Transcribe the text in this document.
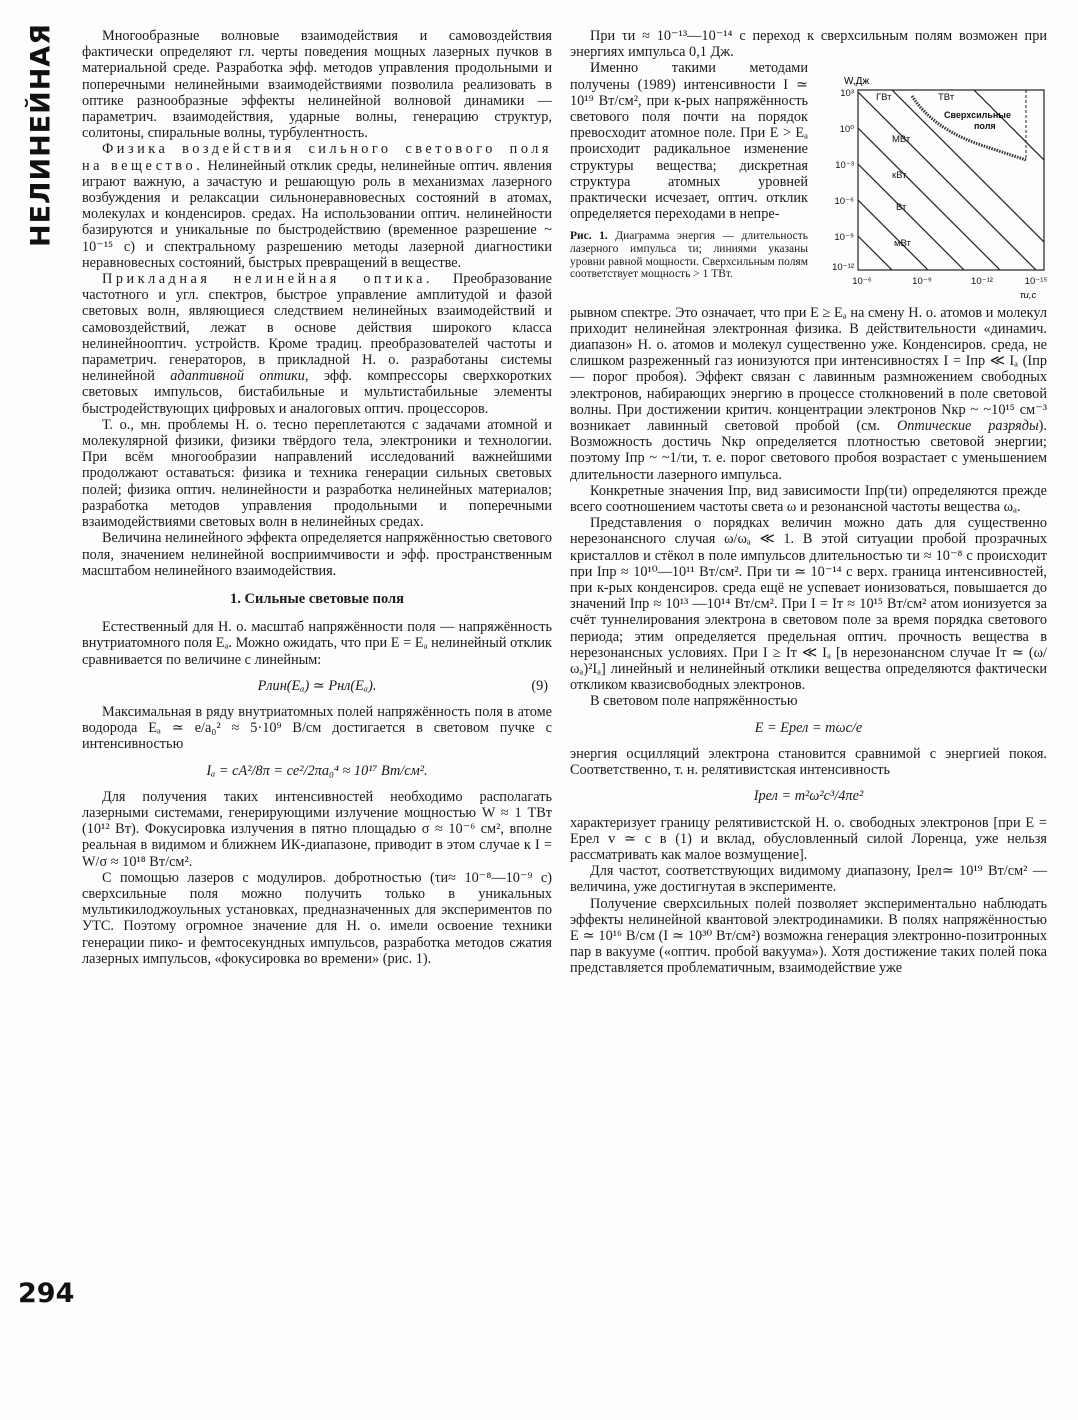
НЕЛИНЕЙНАЯ
294

Многообразные волновые взаимодействия и самовоздействия фактически определяют гл. черты поведения мощных лазерных пучков в материальной среде. Разработка эфф. методов управления продольными и поперечными нелинейными взаимодействиями позволила реализовать в оптике разнообразные эффекты нелинейной волновой динамики — параметрич. взаимодействия, ударные волны, генерацию структур, солитоны, спиральные волны, турбулентность.

Физика воздействия сильного светового поля на вещество. Нелинейный отклик среды, нелинейные оптич. явления играют важную, а зачастую и решающую роль в механизмах лазерного возбуждения и релаксации сильнонеравновесных состояний в атомах, молекулах и конденсиров. средах. На использовании оптич. нелинейности базируются и уникальные по быстродействию (временное разрешение ~ 10⁻¹⁵ с) и спектральному разрешению методы лазерной диагностики неравновесных состояний, быстрых превращений в веществе.

Прикладная нелинейная оптика. Преобразование частотного и угл. спектров, быстрое управление амплитудой и фазой световых волн, являющиеся следствием нелинейных взаимодействий и самовоздействий, лежат в основе действия широкого класса нелинейнооптич. устройств. Кроме традиц. преобразователей частоты и параметрич. генераторов, в прикладной Н. о. разработаны системы нелинейной адаптивной оптики, эфф. компрессоры сверхкоротких световых импульсов, бистабильные и мультистабильные элементы быстродействующих цифровых и аналоговых оптич. процессоров.

Т. о., мн. проблемы Н. о. тесно переплетаются с задачами атомной и молекулярной физики, физики твёрдого тела, электроники и технологии. При всём многообразии направлений исследований важнейшими продолжают оставаться: физика и техника генерации сильных световых полей; физика оптич. нелинейности и разработка нелинейных материалов; разработка методов управления продольными и поперечными взаимодействиями световых волн в нелинейных средах.

Величина нелинейного эффекта определяется напряжённостью светового поля, значением нелинейной восприимчивости и эфф. пространственным масштабом нелинейного взаимодействия.

1. Сильные световые поля

Естественный для Н. о. масштаб напряжённости поля — напряжённость внутриатомного поля Eₐ. Можно ожидать, что при E = Eₐ нелинейный отклик сравнивается по величине с линейным:

Pлин(Eₐ) ≃ Pнл(Eₐ).	(9)

Максимальная в ряду внутриатомных полей напряжённость поля в атоме водорода Eₐ ≃ e/a₀² ≈ 5·10⁹ В/см достигается в световом пучке с интенсивностью

Iₐ = cA²/8π = ce²/2πa₀⁴ ≈ 10¹⁷ Вт/см².

Для получения таких интенсивностей необходимо располагать лазерными системами, генерирующими излучение мощностью W ≈ 1 ТВт (10¹² Вт). Фокусировка излучения в пятно площадью σ ≈ 10⁻⁶ см², вполне реальная в видимом и ближнем ИК-диапазоне, приводит в этом случае к I = W/σ ≈ 10¹⁸ Вт/см².

С помощью лазеров с модулиров. добротностью (τи≈ 10⁻⁸—10⁻⁹ с) сверхсильные поля можно получить только в уникальных мультикилоджоульных установках, предназначенных для экспериментов по УТС. Поэтому огромное значение для Н. о. имели освоение техники генерации пико- и фемтосекундных импульсов, разработка методов сжатия лазерных импульсов, «фокусировка во времени» (рис. 1).

При τи ≈ 10⁻¹³—10⁻¹⁴ с переход к сверхсильным полям возможен при энергиях импульса 0,1 Дж.

Именно такими методами получены (1989) интенсивности I ≃ 10¹⁹ Вт/см², при к-рых напряжённость светового поля почти на порядок превосходит атомное поле. При E > Eₐ происходит радикальное изменение структуры вещества; дискретная структура атомных уровней практически исчезает, оптич. отклик определяется переходами в непре-

Рис. 1. Диаграмма энергия — длительность лазерного импульса τи; линиями указаны уровни равной мощности. Сверхсильным полям соответствует мощность > 1 ТВт.
W,Дж
ГВт	ТВт
МВт
кВт
Вт
мВт
Сверхсильные
поля
10³
10⁰
10⁻³
10⁻⁶
10⁻⁹
10⁻¹²
10⁻⁶	10⁻⁹	10⁻¹²	10⁻¹⁵
τи,с

рывном спектре. Это означает, что при E ≥ Eₐ на смену Н. о. атомов и молекул приходит нелинейная электронная физика. В действительности «динамич. диапазон» Н. о. атомов и молекул существенно уже. Конденсиров. среда, не слишком разреженный газ ионизуются при интенсивностях I = Iпр ≪ Iₐ (Iпр — порог пробоя). Эффект связан с лавинным размножением свободных электронов, набирающих энергию в процессе столкновений в поле световой волны. При достижении критич. концентрации электронов Nкр ~ ~10¹⁵ см⁻³ возникает лавинный световой пробой (см. Оптические разряды). Возможность достичь Nкр определяется плотностью световой энергии; поэтому Iпр ~ ~1/τи, т. е. порог светового пробоя возрастает с уменьшением длительности лазерного импульса.

Конкретные значения Iпр, вид зависимости Iпр(τи) определяются прежде всего соотношением частоты света ω и резонансной частоты вещества ωₐ.

Представления о порядках величин можно дать для существенно нерезонансного случая ω/ωₐ ≪ 1. В этой ситуации пробой прозрачных кристаллов и стёкол в поле импульсов длительностью τи ≈ 10⁻⁸ с происходит при Iпр ≈ 10¹⁰—10¹¹ Вт/см². При τи ≃ 10⁻¹⁴ с верх. граница интенсивностей, при к-рых конденсиров. среда ещё не успевает ионизоваться, повышается до значений Iпр ≈ 10¹³ —10¹⁴ Вт/см². При I = Iт ≈ 10¹⁵ Вт/см² атом ионизуется за счёт туннелирования электрона в световом поле за время порядка светового периода; этим определяется предельная оптич. прочность вещества в нерезонансных условиях. При I ≥ Iт ≪ Iₐ [в нерезонансном случае Iт ≃ (ω/ωₐ)²Iₐ] линейный и нелинейный отклики вещества определяются фактически откликом квазисвободных электронов.

В световом поле напряжённостью

E = Eрел = mωc/e

энергия осцилляций электрона становится сравнимой с энергией покоя. Соответственно, т. н. релятивистская интенсивность

Iрел = m²ω²c³/4πe²

характеризует границу релятивистской Н. о. свободных электронов [при E = Eрел v ≃ c в (1) и вклад, обусловленный силой Лоренца, уже нельзя рассматривать как малое возмущение].

Для частот, соответствующих видимому диапазону, Iрел≃ 10¹⁹ Вт/см² — величина, уже достигнутая в эксперименте.

Получение сверхсильных полей позволяет экспериментально наблюдать эффекты нелинейной квантовой электродинамики. В полях напряжённостью E ≃ 10¹⁶ В/см (I ≃ 10³⁰ Вт/см²) возможна генерация электронно-позитронных пар в вакууме («оптич. пробой вакуума»). Хотя достижение таких полей пока представляется проблематичным, взаимодействие уже
